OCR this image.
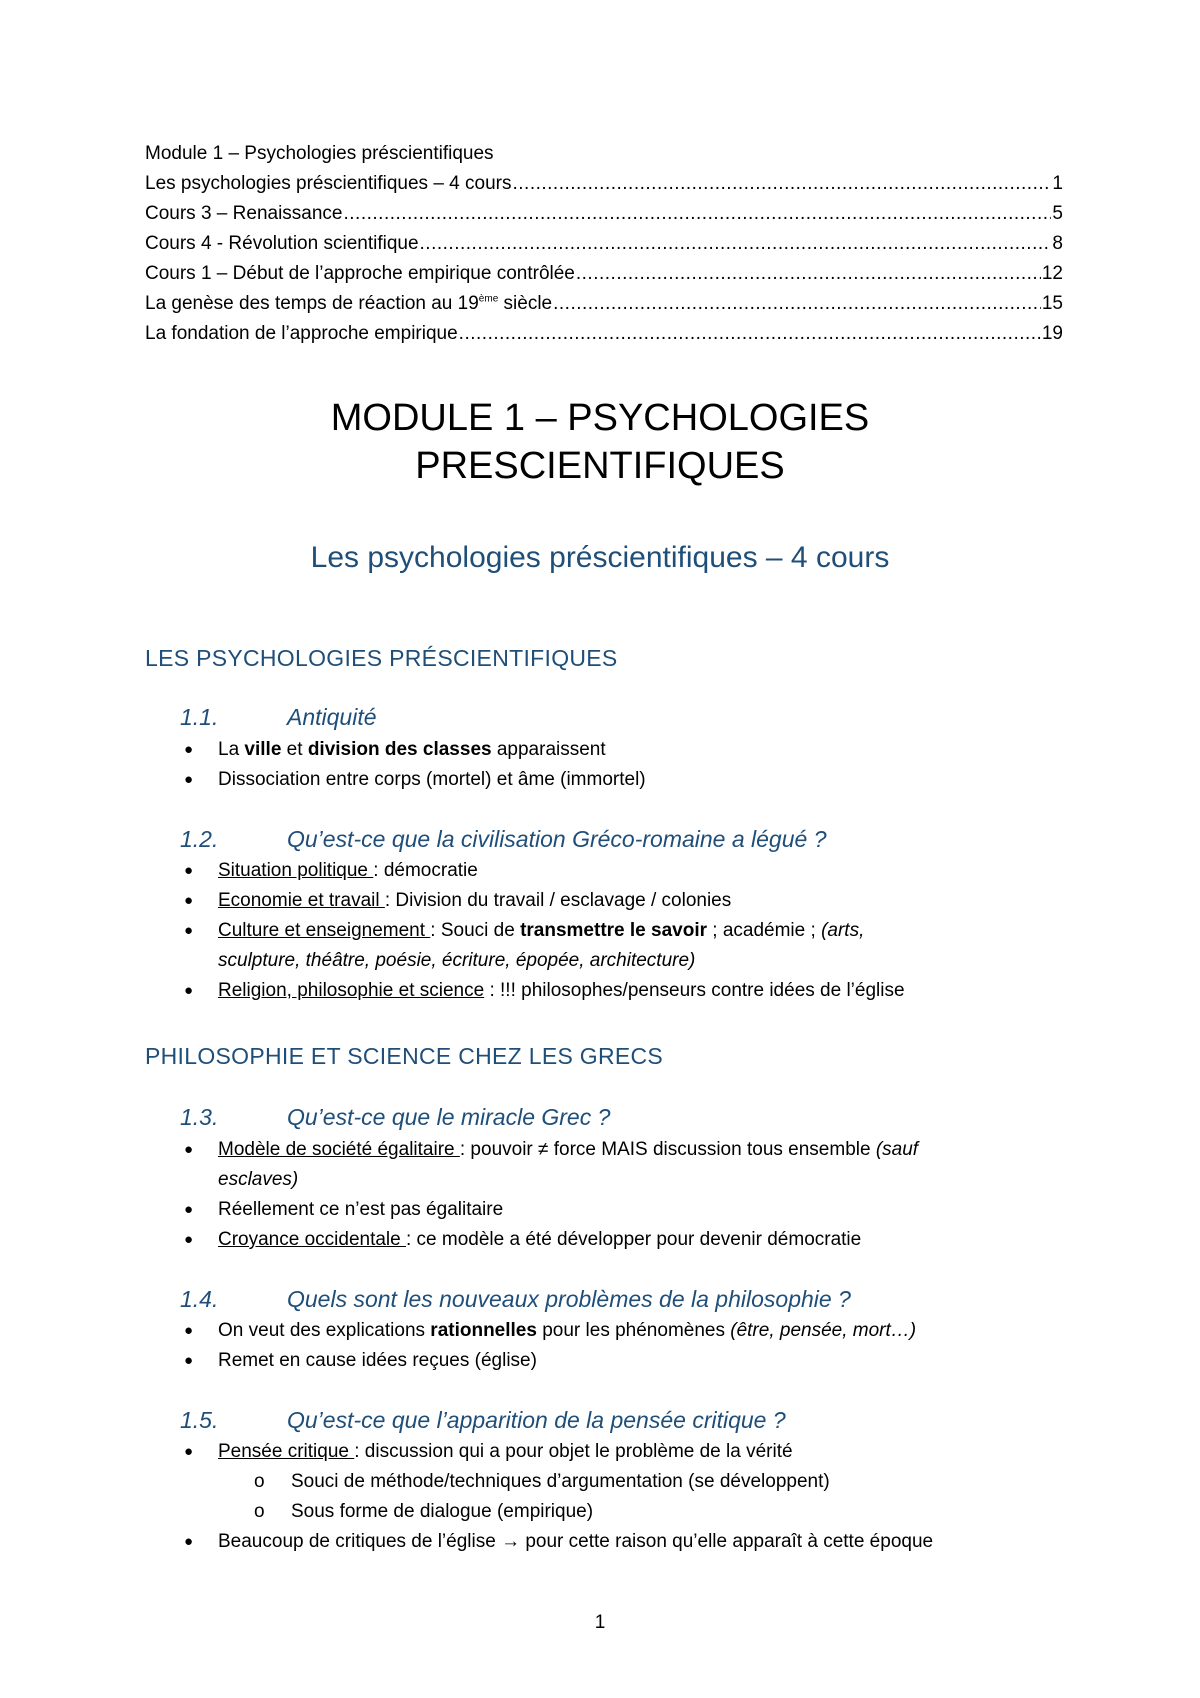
Module 1 – Psychologies préscientifiques
Les psychologies préscientifiques – 4 cours .....	1
Cours 3 – Renaissance .....	5
Cours 4 - Révolution scientifique .....	8
Cours 1 – Début de l’approche empirique contrôlée .....	12
La genèse des temps de réaction au 19ème siècle .....	15
La fondation de l’approche empirique .....	19
MODULE 1 – PSYCHOLOGIES
PRESCIENTIFIQUES
Les psychologies préscientifiques – 4 cours
LES PSYCHOLOGIES PRÉSCIENTIFIQUES
1.1.	Antiquité
● La ville et division des classes apparaissent
● Dissociation entre corps (mortel) et âme (immortel)
1.2.	Qu’est-ce que la civilisation Gréco-romaine a légué ?
● Situation politique : démocratie
● Economie et travail : Division du travail / esclavage / colonies
● Culture et enseignement : Souci de transmettre le savoir ; académie ; (arts,
sculpture, théâtre, poésie, écriture, épopée, architecture)
● Religion, philosophie et science : !!! philosophes/penseurs contre idées de l’église
PHILOSOPHIE ET SCIENCE CHEZ LES GRECS
1.3.	Qu’est-ce que le miracle Grec ?
● Modèle de société égalitaire : pouvoir ≠ force MAIS discussion tous ensemble (sauf
esclaves)
● Réellement ce n’est pas égalitaire
● Croyance occidentale : ce modèle a été développer pour devenir démocratie
1.4.	Quels sont les nouveaux problèmes de la philosophie ?
● On veut des explications rationnelles pour les phénomènes (être, pensée, mort…)
● Remet en cause idées reçues (église)
1.5.	Qu’est-ce que l’apparition de la pensée critique ?
● Pensée critique : discussion qui a pour objet le problème de la vérité
o Souci de méthode/techniques d’argumentation (se développent)
o Sous forme de dialogue (empirique)
● Beaucoup de critiques de l’église → pour cette raison qu’elle apparaît à cette époque
1
